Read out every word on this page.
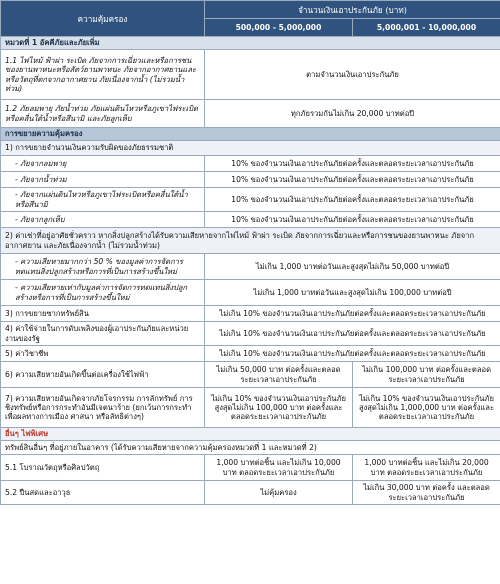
ความคุ้มครอง	จำนวนเงินเอาประกันภัย (บาท)	
	500,000 - 5,000,000	5,000,001 - 10,000,000
หมวดที่ 1 อัคคีภัยและภัยเพิ่ม		
1.1 ไฟไหม้ ฟ้าผ่า ระเบิด ภัยจากการเฉี่ยวและหรือการชนของยานพาหนะหรือสัตว์ยานพาหนะ ภัยจากอากาศยานและหรือวัตถุที่ตกจากอากาศยาน ภัยเนื่องจากน้ำ (ไม่รวมน้ำท่วม)	ตามจำนวนเงินเอาประกันภัย	
1.2 ภัยลมพายุ ภัยน้ำท่วม ภัยแผ่นดินไหวหรือภูเขาไฟระเบิดหรือคลื่นใต้น้ำหรือสึนามิ และภัยลูกเห็บ	ทุกภัยรวมกันไม่เกิน 20,000 บาทต่อปี	
การขยายความคุ้มครอง		
1) การขยายจำนวนเงินความรับผิดของภัยธรรมชาติ		
- ภัยจากลมพายุ	10% ของจำนวนเงินเอาประกันภัยต่อครั้งและตลอดระยะเวลาเอาประกันภัย	
- ภัยจากน้ำท่วม	10% ของจำนวนเงินเอาประกันภัยต่อครั้งและตลอดระยะเวลาเอาประกันภัย	
- ภัยจากแผ่นดินไหวหรือภูเขาไฟระเบิดหรือคลื่นใต้น้ำหรือสึนามิ	10% ของจำนวนเงินเอาประกันภัยต่อครั้งและตลอดระยะเวลาเอาประกันภัย	
- ภัยจากลูกเห็บ	10% ของจำนวนเงินเอาประกันภัยต่อครั้งและตลอดระยะเวลาเอาประกันภัย	
2) ค่าเช่าที่อยู่อาศัยชั่วคราว หากสิ่งปลูกสร้างได้รับความเสียหายจากไฟไหม้ ฟ้าผ่า ระเบิด ภัยจากการเฉี่ยวและหรือการชนของยานพาหนะ ภัยจากอากาศยาน และภัยเนื่องจากน้ำ (ไม่รวมน้ำท่วม)		
- ความเสียหายมากกว่า 50 % ของมูลค่าการจัดการทดแทนสิ่งปลูกสร้างหรือการที่เป็นการสร้างขึ้นใหม่	ไม่เกิน 1,000 บาทต่อวันและสูงสุดไม่เกิน 50,000 บาทต่อปี	
- ความเสียหายเท่ากับมูลค่าการจัดการทดแทนสิ่งปลูกสร้างหรือการที่เป็นการสร้างขึ้นใหม่	ไม่เกิน 1,000 บาทต่อวันและสูงสุดไม่เกิน 100,000 บาทต่อปี	
3) การขยายซากทรัพย์สิน	ไม่เกิน 10% ของจำนวนเงินเอาประกันภัยต่อครั้งและตลอดระยะเวลาเอาประกันภัย	
4) ค่าใช้จ่ายในการดับเพลิงของผู้เอาประกันภัยและหน่วยงานของรัฐ	ไม่เกิน 10% ของจำนวนเงินเอาประกันภัยต่อครั้งและตลอดระยะเวลาเอาประกันภัย	
5) ค่าวิชาชีพ	ไม่เกิน 10% ของจำนวนเงินเอาประกันภัยต่อครั้งและตลอดระยะเวลาเอาประกันภัย	
6) ความเสียหายอันเกิดขึ้นต่อเครื่องใช้ไฟฟ้า	ไม่เกิน 50,000 บาท ต่อครั้งและตลอดระยะเวลาเอาประกันภัย	ไม่เกิน 100,000 บาท ต่อครั้งและตลอดระยะเวลาเอาประกันภัย
7) ความเสียหายอันเกิดจากภัยโจรกรรม การลักทรัพย์ การชิงทรัพย์หรือการกระทำอันมีเจตนาร้าย (ยกเว้นการกระทำเพื่อผลทางการเมือง ศาสนา หรือลัทธิต่างๆ)	ไม่เกิน 10% ของจำนวนเงินเอาประกันภัย สูงสุดไม่เกิน 100,000 บาท ต่อครั้งและตลอดระยะเวลาเอาประกันภัย	ไม่เกิน 10% ของจำนวนเงินเอาประกันภัย สูงสุดไม่เกิน 1,000,000 บาท ต่อครั้งและตลอดระยะเวลาเอาประกันภัย
อื่นๆ ไฟพิเศษ		
ทรัพย์สินอื่นๆ ที่อยู่ภายในอาคาร (ได้รับความเสียหายจากความคุ้มครองหมวดที่ 1 และหมวดที่ 2)		
5.1 โบราณวัตถุหรือศิลปวัตถุ	1,000 บาทต่อชิ้น และไม่เกิน 10,000 บาท ตลอดระยะเวลาเอาประกันภัย	1,000 บาทต่อชิ้น และไม่เกิน 20,000 บาท ตลอดระยะเวลาเอาประกันภัย
5.2 ปืนสดและอาวุธ	ไม่คุ้มครอง	ไม่เกิน 30,000 บาท ต่อครั้ง และตลอดระยะเวลาเอาประกันภัย
